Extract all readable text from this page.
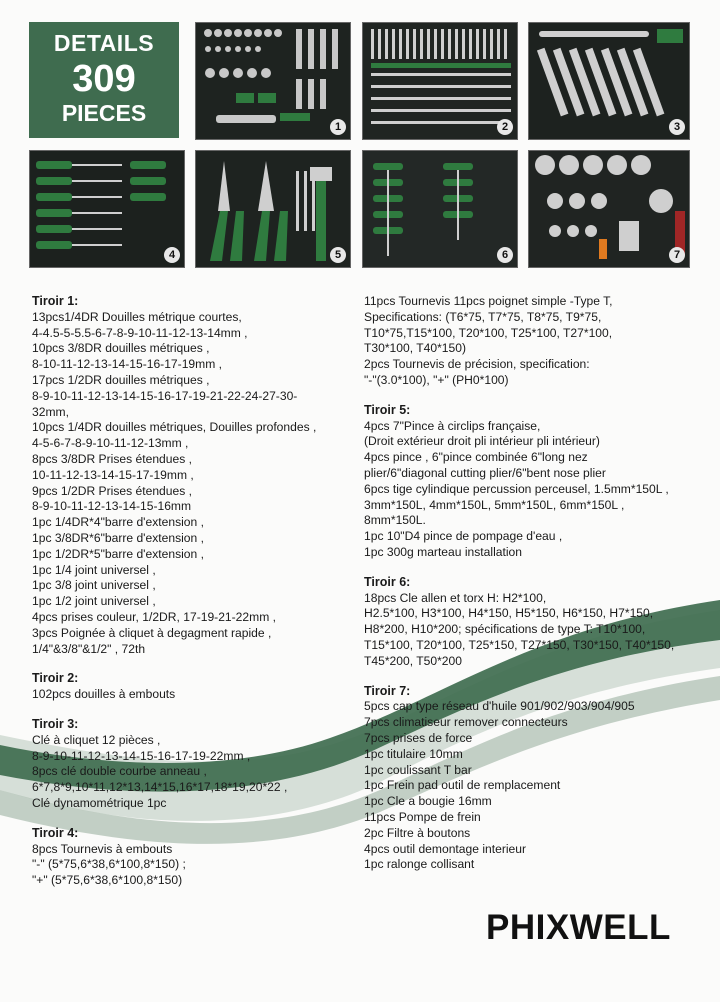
DETAILS
309
PIECES
1	2	3
4	5	6	7
Tiroir 1:
13pcs1/4DR Douilles métrique courtes,
4-4.5-5-5.5-6-7-8-9-10-11-12-13-14mm ,
10pcs 3/8DR douilles métriques ,
8-10-11-12-13-14-15-16-17-19mm ,
17pcs 1/2DR douilles métriques ,
8-9-10-11-12-13-14-15-16-17-19-21-22-24-27-30-
32mm,
10pcs 1/4DR douilles métriques, Douilles profondes ,
4-5-6-7-8-9-10-11-12-13mm ,
8pcs 3/8DR Prises étendues ,
10-11-12-13-14-15-17-19mm ,
9pcs 1/2DR Prises étendues ,
8-9-10-11-12-13-14-15-16mm
1pc 1/4DR*4"barre d'extension ,
1pc 3/8DR*6"barre d'extension ,
1pc 1/2DR*5"barre d'extension ,
1pc 1/4 joint universel ,
1pc 3/8 joint universel ,
1pc 1/2 joint universel ,
4pcs prises couleur, 1/2DR, 17-19-21-22mm ,
3pcs Poignée à cliquet à degagment rapide ,
1/4"&3/8"&1/2" , 72th
Tiroir 2:
102pcs douilles à embouts
Tiroir 3:
Clé à cliquet 12 pièces ,
8-9-10-11-12-13-14-15-16-17-19-22mm ,
8pcs clé double courbe anneau ,
6*7,8*9,10*11,12*13,14*15,16*17,18*19,20*22 ,
Clé dynamométrique 1pc
Tiroir 4:
8pcs Tournevis à embouts
"-" (5*75,6*38,6*100,8*150) ;
"+" (5*75,6*38,6*100,8*150)
11pcs Tournevis 11pcs poignet simple -Type T,
Specifications: (T6*75, T7*75, T8*75, T9*75,
T10*75,T15*100, T20*100, T25*100, T27*100,
T30*100, T40*150)
2pcs Tournevis de précision, specification:
"-"(3.0*100), "+" (PH0*100)
Tiroir 5:
4pcs 7"Pince à circlips française,
(Droit extérieur droit pli intérieur pli intérieur)
4pcs pince , 6"pince combinée 6"long nez
plier/6"diagonal cutting plier/6"bent nose plier
6pcs tige cylindique percussion perceusel, 1.5mm*150L ,
3mm*150L, 4mm*150L, 5mm*150L, 6mm*150L ,
8mm*150L.
1pc 10"D4 pince de pompage d'eau ,
1pc 300g marteau installation
Tiroir 6:
18pcs Cle allen et torx H: H2*100,
H2.5*100, H3*100, H4*150, H5*150, H6*150, H7*150,
H8*200, H10*200; spécifications de type T: T10*100,
T15*100, T20*100, T25*150, T27*150, T30*150, T40*150,
T45*200, T50*200
Tiroir 7:
5pcs cap type réseau d'huile 901/902/903/904/905
7pcs climatiseur remover connecteurs
7pcs prises de force
1pc titulaire 10mm
1pc coulissant T bar
1pc Frein pad outil de remplacement
1pc Cle a bougie 16mm
11pcs Pompe de frein
2pc Filtre à boutons
4pcs outil demontage interieur
1pc ralonge collisant
PHIXWELL
